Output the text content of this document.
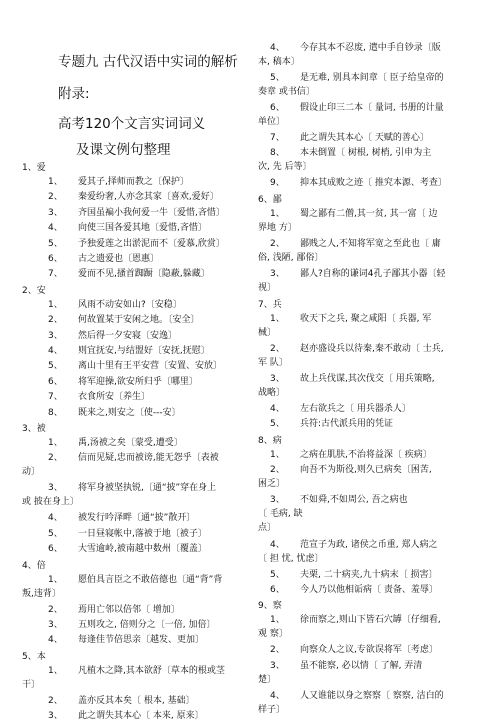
专题九 古代汉语中实词的解析
附录:
高考120个文言实词词义
及课文例句整理
1、爱
1、 爱其子,择师而教之〔保护〕
2、 秦爱纷奢,人亦念其家〔喜欢,爱好〕
3、 齐国虽褊小我何爱一牛〔爱惜,吝惜〕
4、 向使三国各爱其地〔爱惜,吝惜〕
5、 予独爱莲之出淤泥而不〔爱慕,欣赏〕
6、 古之遗爱也〔恩惠〕
7、 爱而不见,搔首踟蹰〔隐蔽,躲藏〕
2、安
1、 风雨不动安如山?〔安稳〕
2、 何故置某于安闲之地。〔安全〕
3、 然后得一夕安寝〔安逸〕
4、 则宜抚安,与结盟好〔安抚,抚慰〕
5、 离山十里有王平安营〔安置、安放〕
6、 将军迎操,欲安所归乎〔哪里〕
7、 衣食所安〔养生〕
8、 既来之,则安之〔使---安〕
3、被
1、 禹,汤被之矣〔蒙受,遭受〕
2、 信而见疑,忠而被谤,能无怨乎〔表被
动〕
3、 将军身被坚执锐,〔通“披”穿在身上
或 披在身上〕
4、 被发行吟泽畔〔通“披”散开〕
5、 一日昼寝帐中,落被于地〔被子〕
6、 大雪逾岭,被南越中数州〔覆盖〕
4、倍
1、 愿伯具言臣之不敢倍德也〔通“背”背
叛,违背〕
2、 焉用亡邻以倍邻〔 增加〕
3、 五则攻之, 倍则分之〔一倍, 加倍〕
4、 每逢佳节倍思亲〔越发、更加〕
5、本
1、 凡植木之降,其本欲舒〔草本的根或茎
干〕
2、 盖亦反其本矣〔 根本, 基础〕
3、 此之谓失其本心〔 本来, 原来〕
4、 今存其本不忍废, 遣中手自钞录〔版
本, 稿本〕
5、 是无难, 别具本间章〔 臣子给皇帝的
奏章 或书信〕
6、 假设止印三二本〔 量词, 书册的计量
单位〕
7、 此之谓失其本心〔 天赋的善心〕
8、 本未倒置〔 树根, 树梢, 引申为主
次, 先 后等〕
9、 抑本其成败之迹〔 推究本源、考查〕
6、鄙
1、 蜀之鄙有二僧,其一贫, 其一富〔 边
界地 方〕
2、 鄙贱之人,不知将军宽之至此也〔 庸
俗, 浅陋, 鄙俗〕
3、 鄙人?自称的谦词4孔子鄙其小器〔轻
视〕
7、兵
1、 收天下之兵, 聚之咸阳〔 兵器, 军
械〕
2、 赵亦盛设兵以待秦,秦不敢动〔 士兵,
军 队〕
3、 故上兵伐谋,其次伐交〔 用兵策略,
战略〕
4、 左右欲兵之〔 用兵器杀人〕
5、 兵符:古代派兵用的凭证
8、病
1、 之病在肌肤,不治将益深〔 疾病〕
2、 向吾不为斯役,则久已病矣〔困苦,
困乏〕
3、 不如舜,不如周公, 吾之病也
〔 毛病, 缺
点〕
4、 范宣子为政, 诸侯之币重, 郑人病之
〔 担 忧, 忧虑〕
5、 夫栗, 二十病夹,九十病末〔 损害〕
6、 今人乃以他相诟病〔 责备、羞辱〕
9、察
1、 徐而察之,则山下皆石穴罅〔仔细看,
观 察〕
2、 向察众人之议,专欲误将军〔考虑〕
3、 虽不能察, 必以情〔 了解, 弄清
楚〕
4、 人又谁能以身之察察〔 察察, 洁白的
样子〕
